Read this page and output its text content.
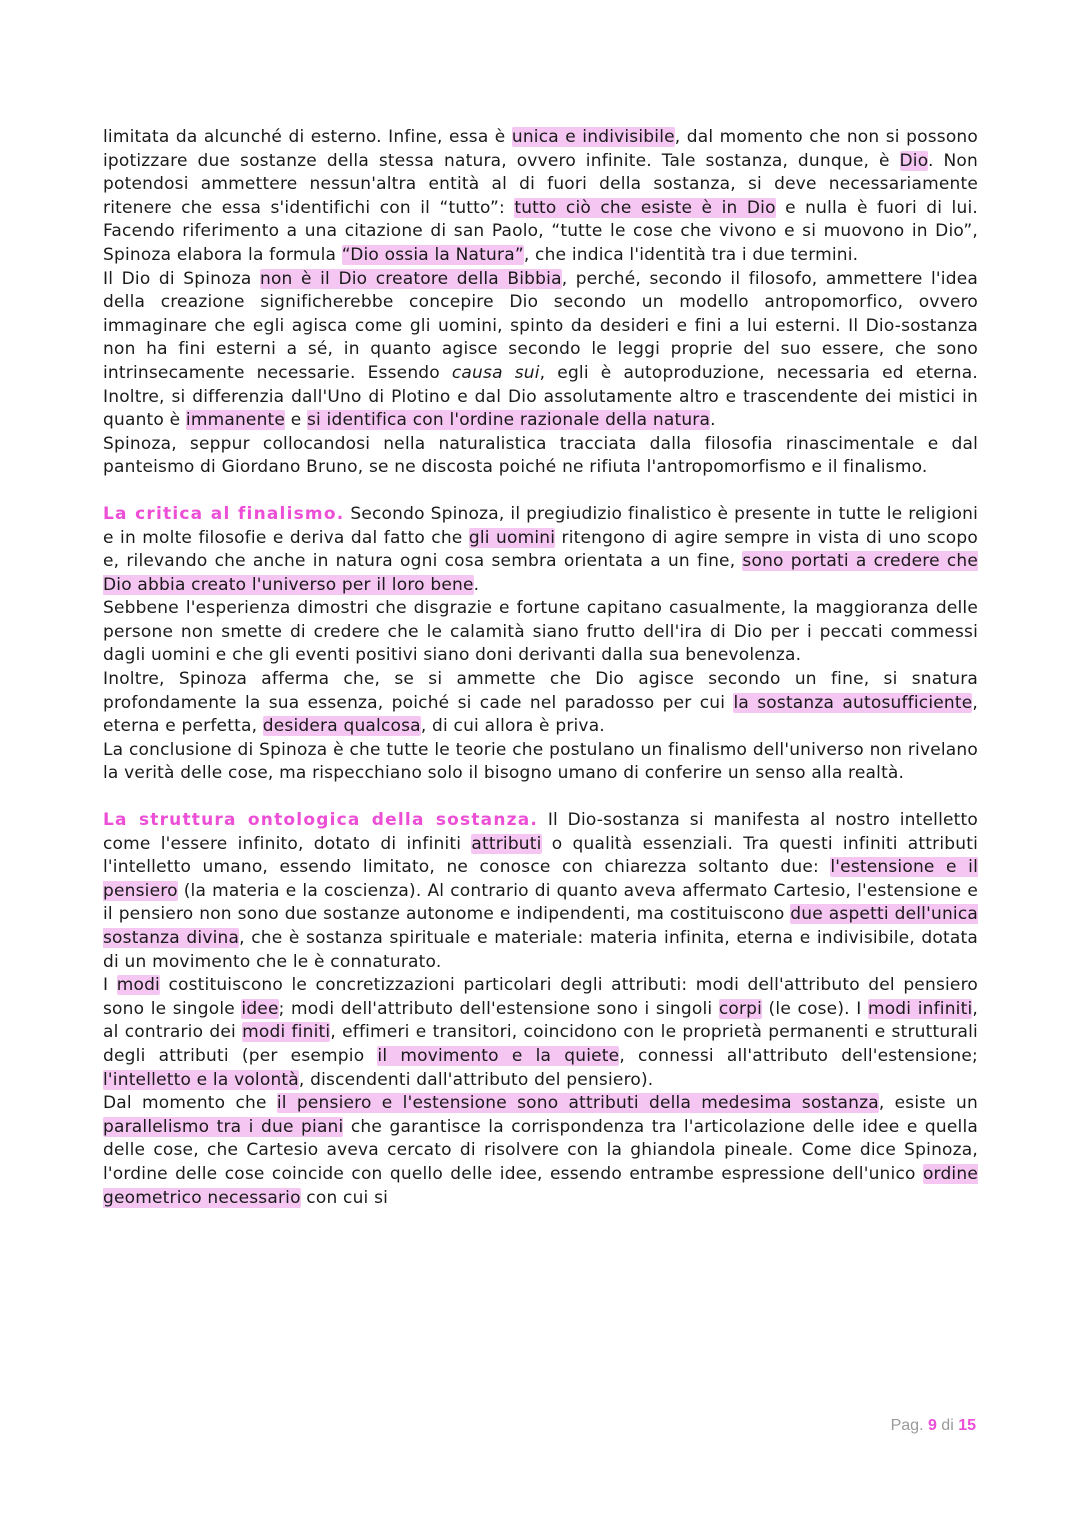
limitata da alcunché di esterno. Infine, essa è unica e indivisibile, dal momento che non si possono ipotizzare due sostanze della stessa natura, ovvero infinite. Tale sostanza, dunque, è Dio. Non potendosi ammettere nessun'altra entità al di fuori della sostanza, si deve necessariamente ritenere che essa s'identifichi con il “tutto”: tutto ciò che esiste è in Dio e nulla è fuori di lui. Facendo riferimento a una citazione di san Paolo, “tutte le cose che vivono e si muovono in Dio”, Spinoza elabora la formula “Dio ossia la Natura”, che indica l'identità tra i due termini.

Il Dio di Spinoza non è il Dio creatore della Bibbia, perché, secondo il filosofo, ammettere l'idea della creazione significherebbe concepire Dio secondo un modello antropomorfico, ovvero immaginare che egli agisca come gli uomini, spinto da desideri e fini a lui esterni. Il Dio-sostanza non ha fini esterni a sé, in quanto agisce secondo le leggi proprie del suo essere, che sono intrinsecamente necessarie. Essendo causa sui, egli è autoproduzione, necessaria ed eterna. Inoltre, si differenzia dall'Uno di Plotino e dal Dio assolutamente altro e trascendente dei mistici in quanto è immanente e si identifica con l'ordine razionale della natura.

Spinoza, seppur collocandosi nella naturalistica tracciata dalla filosofia rinascimentale e dal panteismo di Giordano Bruno, se ne discosta poiché ne rifiuta l'antropomorfismo e il finalismo.

La critica al finalismo. Secondo Spinoza, il pregiudizio finalistico è presente in tutte le religioni e in molte filosofie e deriva dal fatto che gli uomini ritengono di agire sempre in vista di uno scopo e, rilevando che anche in natura ogni cosa sembra orientata a un fine, sono portati a credere che Dio abbia creato l'universo per il loro bene.

Sebbene l'esperienza dimostri che disgrazie e fortune capitano casualmente, la maggioranza delle persone non smette di credere che le calamità siano frutto dell'ira di Dio per i peccati commessi dagli uomini e che gli eventi positivi siano doni derivanti dalla sua benevolenza.

Inoltre, Spinoza afferma che, se si ammette che Dio agisce secondo un fine, si snatura profondamente la sua essenza, poiché si cade nel paradosso per cui la sostanza autosufficiente, eterna e perfetta, desidera qualcosa, di cui allora è priva.

La conclusione di Spinoza è che tutte le teorie che postulano un finalismo dell'universo non rivelano la verità delle cose, ma rispecchiano solo il bisogno umano di conferire un senso alla realtà.

La struttura ontologica della sostanza. Il Dio-sostanza si manifesta al nostro intelletto come l'essere infinito, dotato di infiniti attributi o qualità essenziali. Tra questi infiniti attributi l'intelletto umano, essendo limitato, ne conosce con chiarezza soltanto due: l'estensione e il pensiero (la materia e la coscienza). Al contrario di quanto aveva affermato Cartesio, l'estensione e il pensiero non sono due sostanze autonome e indipendenti, ma costituiscono due aspetti dell'unica sostanza divina, che è sostanza spirituale e materiale: materia infinita, eterna e indivisibile, dotata di un movimento che le è connaturato.

I modi costituiscono le concretizzazioni particolari degli attributi: modi dell'attributo del pensiero sono le singole idee; modi dell'attributo dell'estensione sono i singoli corpi (le cose). I modi infiniti, al contrario dei modi finiti, effimeri e transitori, coincidono con le proprietà permanenti e strutturali degli attributi (per esempio il movimento e la quiete, connessi all'attributo dell'estensione; l'intelletto e la volontà, discendenti dall'attributo del pensiero).

Dal momento che il pensiero e l'estensione sono attributi della medesima sostanza, esiste un parallelismo tra i due piani che garantisce la corrispondenza tra l'articolazione delle idee e quella delle cose, che Cartesio aveva cercato di risolvere con la ghiandola pineale. Come dice Spinoza, l'ordine delle cose coincide con quello delle idee, essendo entrambe espressione dell'unico ordine geometrico necessario con cui si

Pag. 9 di 15
